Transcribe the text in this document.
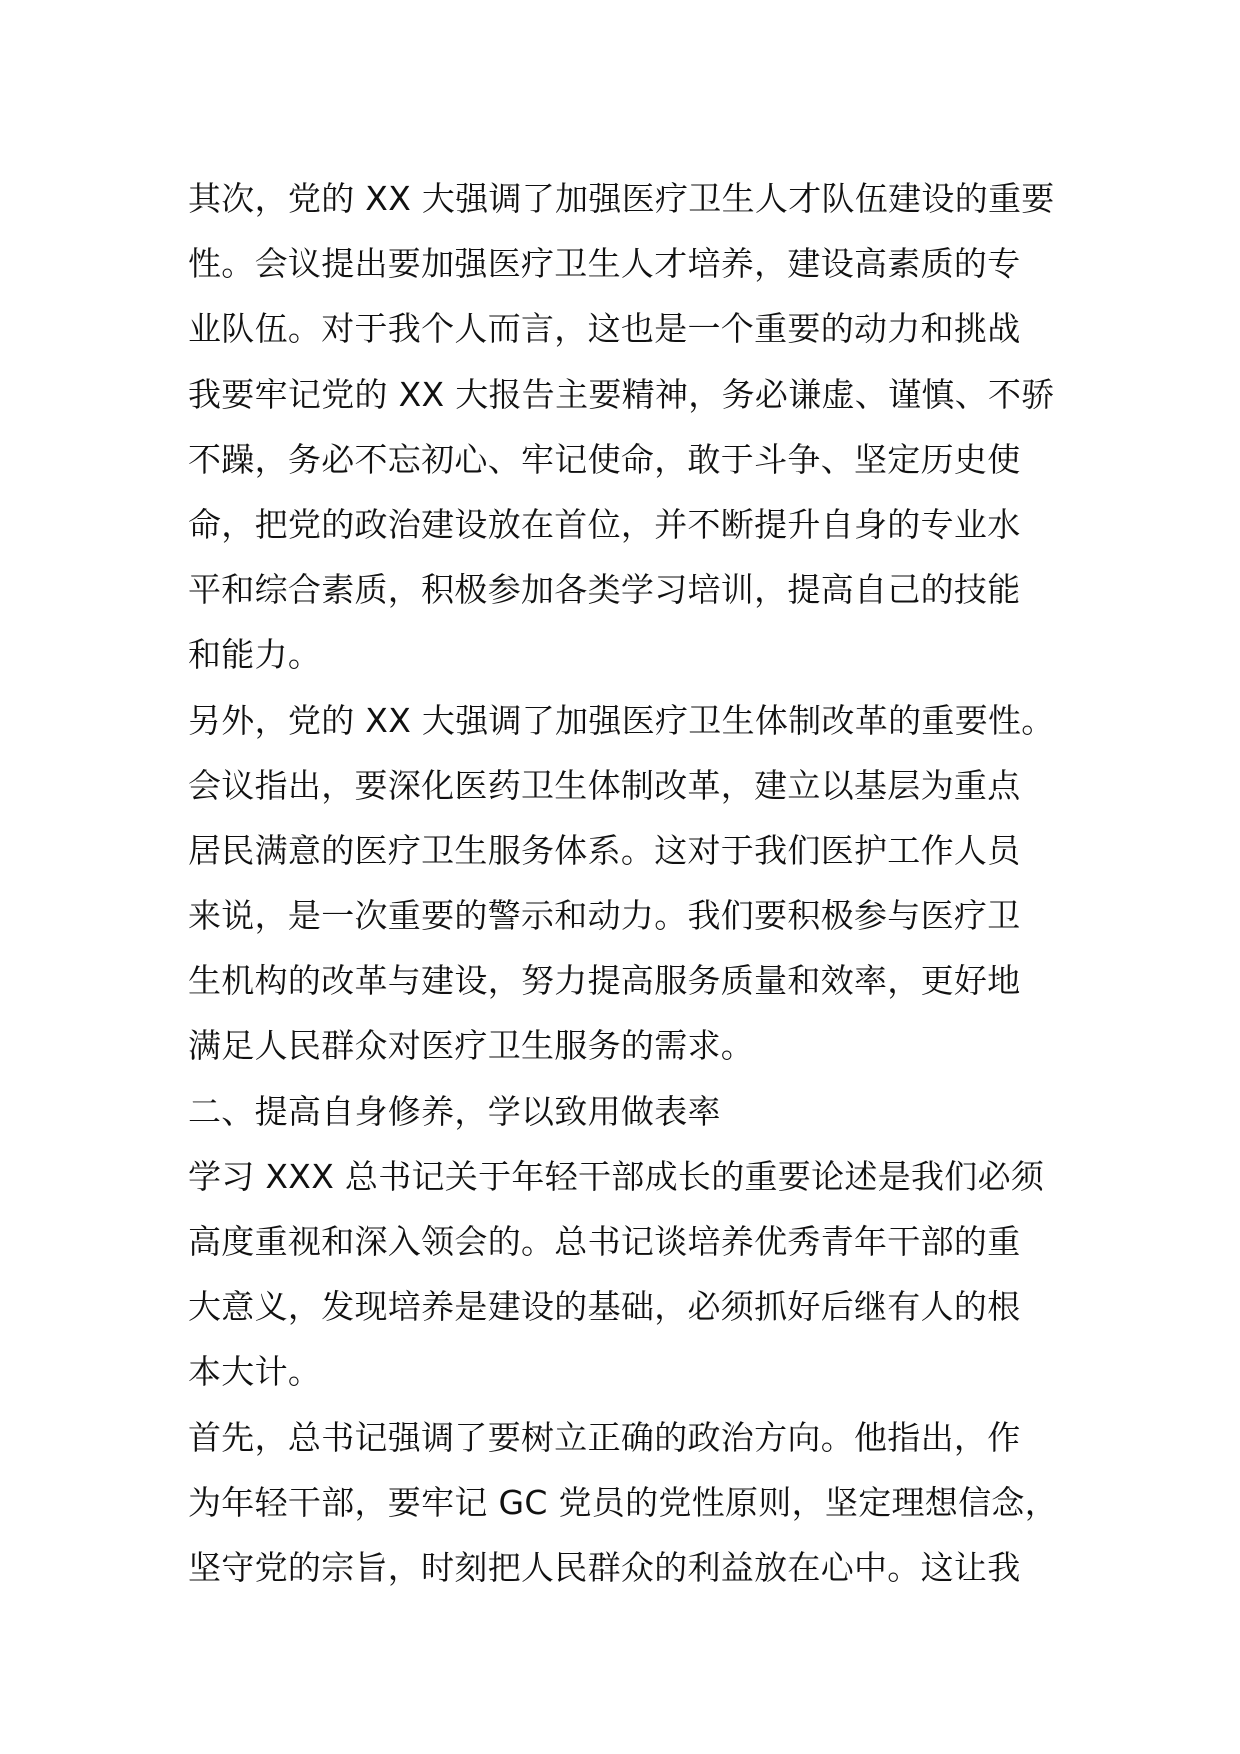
其次，党的 XX 大强调了加强医疗卫生人才队伍建设的重要
性。会议提出要加强医疗卫生人才培养，建设高素质的专
业队伍。对于我个人而言，这也是一个重要的动力和挑战
我要牢记党的 XX 大报告主要精神，务必谦虚、谨慎、不骄
不躁，务必不忘初心、牢记使命，敢于斗争、坚定历史使
命，把党的政治建设放在首位，并不断提升自身的专业水
平和综合素质，积极参加各类学习培训，提高自己的技能
和能力。
另外，党的 XX 大强调了加强医疗卫生体制改革的重要性。
会议指出，要深化医药卫生体制改革，建立以基层为重点
居民满意的医疗卫生服务体系。这对于我们医护工作人员
来说，是一次重要的警示和动力。我们要积极参与医疗卫
生机构的改革与建设，努力提高服务质量和效率，更好地
满足人民群众对医疗卫生服务的需求。
二、提高自身修养，学以致用做表率
学习 XXX 总书记关于年轻干部成长的重要论述是我们必须
高度重视和深入领会的。总书记谈培养优秀青年干部的重
大意义，发现培养是建设的基础，必须抓好后继有人的根
本大计。
首先，总书记强调了要树立正确的政治方向。他指出，作
为年轻干部，要牢记 GC 党员的党性原则，坚定理想信念，
坚守党的宗旨，时刻把人民群众的利益放在心中。这让我
